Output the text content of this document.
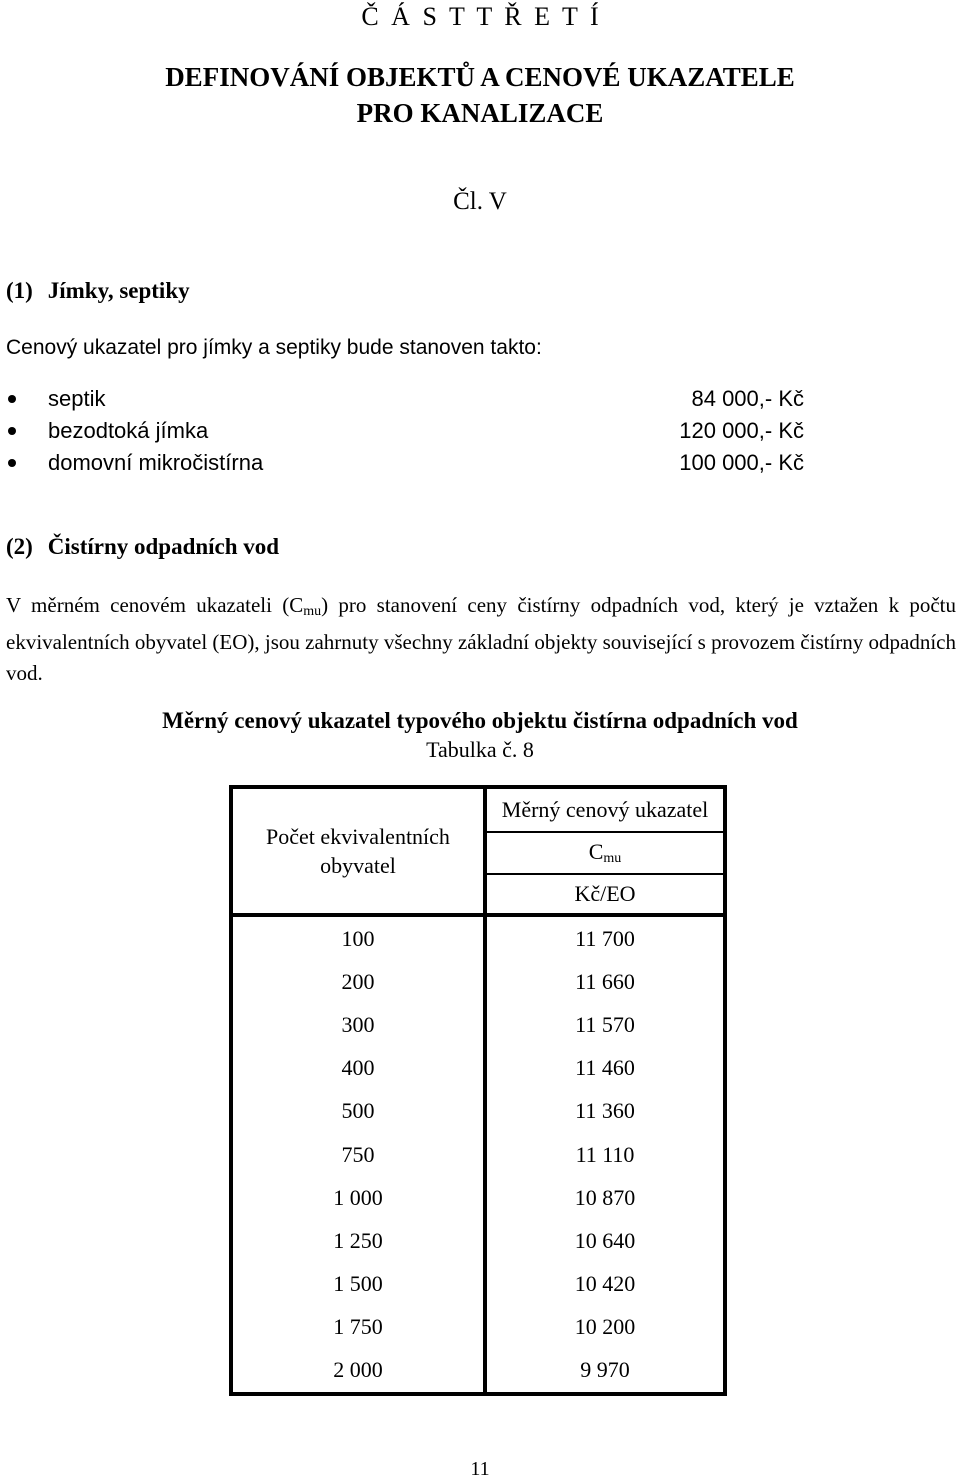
Č Á S T T Ř E T Í
DEFINOVÁNÍ OBJEKTŮ A CENOVÉ UKAZATELE
PRO KANALIZACE
Čl. V
(1) Jímky, septiky
Cenový ukazatel pro jímky a septiky bude stanoven takto:
septik	84 000,- Kč
bezodtoká jímka	120 000,- Kč
domovní mikročistírna	100 000,- Kč
(2) Čistírny odpadních vod
V měrném cenovém ukazateli $(C_{mu})$ pro stanovení ceny čistírny odpadních vod, který je vztažen k počtu ekvivalentních obyvatel (EO), jsou zahrnuty všechny základní objekty související s provozem čistírny odpadních vod.
Měrný cenový ukazatel typového objektu čistírna odpadních vod
Tabulka č. 8
Počet ekvivalentních obyvatel	Měrný cenový ukazatel
	$C_{mu}$
	Kč/EO
100	11 700
200	11 660
300	11 570
400	11 460
500	11 360
750	11 110
1 000	10 870
1 250	10 640
1 500	10 420
1 750	10 200
2 000	9 970
11
